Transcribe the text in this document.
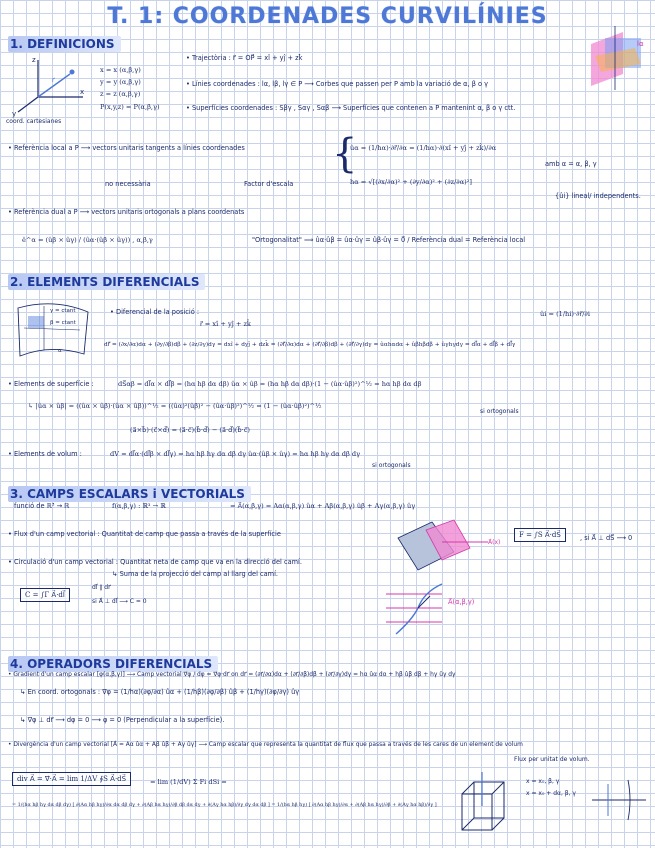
T. 1: COORDENADES CURVILÍNIES
1. DEFINICIONS
x
z
y
r⃗
coord. cartesianes
x = x (α,β,γ)
y = y (α,β,γ)
z = z (α,β,γ)
P(x,y,z) = P(α,β,γ)
• Trajectòria : r⃗ = OP⃗ = xî + yĵ + zk̂
• Línies coordenades : lα, lβ, lγ ∈ P ⟶ Corbes que passen per P amb la variació de α, β o γ
• Superfícies coordenades : Sβγ , Sαγ , Sαβ ⟶ Superfícies que contenen a P mantenint α, β o γ ctt.
lα
• Referència local a P ⟶ vectors unitaris tangents a línies coordenades {
ûα = (1/hα)·∂r⃗/∂α = (1/hα)·∂(xî + yĵ + zk̂)/∂α
amb α = α, β, γ
no necessària	Factor d'escala	hα = √[(∂x/∂α)² + (∂y/∂α)² + (∂z/∂α)²]
{ûi} lineal/ independents.
• Referència dual a P ⟶ vectors unitaris ortogonals a plans coordenats
ê^α = (ûβ × ûγ) / (ûα·(ûβ × ûγ)) , α,β,γ	"Ortogonalitat" ⟹ ûα·ûβ = ûα·ûγ = ûβ·ûγ = 0⃗ / Referència dual = Referència local
2. ELEMENTS DIFERENCIALS
γ = ctant
β = ctant
α
• Diferencial de la posició :
r⃗ = xî + yĵ + zk̂
ûi = (1/hi)·∂r⃗/∂i
dr⃗ = (∂x/∂α)dα + (∂y/∂β)dβ + (∂z/∂γ)dγ = dxî + dyĵ + dzk̂ = (∂r⃗/∂α)dα + (∂r⃗/∂β)dβ + (∂r⃗/∂γ)dγ = ûαhαdα + ûβhβdβ + ûγhγdγ = dl⃗α + dl⃗β + dl⃗γ
• Elements de superfície :	dS⃗αβ = dl⃗α × dl⃗β = (hα hβ dα dβ) ûα × ûβ = (hα hβ dα dβ)·(1 − (ûα·ûβ)²)^½ = hα hβ dα dβ
↳ |ûα × ûβ| = ((ûα × ûβ)·(ûα × ûβ))^½ = ((ûα)²(ûβ)² − (ûα·ûβ)²)^½ = (1 − (ûα·ûβ)²)^½
si ortogonals
(a⃗×b⃗)·(c⃗×d⃗) = (a⃗·c⃗)(b⃗·d⃗) − (a⃗·d⃗)(b⃗·c⃗)
• Elements de volum :	dV = dl⃗α·(dl⃗β × dl⃗γ) = hα hβ hγ dα dβ dγ ûα·(ûβ × ûγ) = hα hβ hγ dα dβ dγ
si ortogonals
3. CAMPS ESCALARS i VECTORIALS
funció de ℝ³ → ℝ	f(α,β,γ) : ℝ³ → ℝ	= A⃗(α,β,γ) = Aα(α,β,γ) ûα + Aβ(α,β,γ) ûβ + Aγ(α,β,γ) ûγ
• Flux d'un camp vectorial : Quantitat de camp que passa a través de la superfície
A⃗(x)
F = ∫S A⃗·dS⃗	, si A⃗ ⊥ dS⃗ ⟶ 0
• Circulació d'un camp vectorial : Quantitat neta de camp que va en la direcció del camí.
↳ Suma de la projecció del camp al llarg del camí.
C = ∫Γ A⃗·dl⃗
dl⃗ ∥ dr⃗
si A⃗ ⊥ dl⃗ ⟶ C = 0	A⃗(α,β,γ)
4. OPERADORS DIFERENCIALS
• Gradient d'un camp escalar [φ(α,β,γ)] ⟶ Camp vectorial ∇⃗φ / dφ = ∇⃗φ·dr⃗ on dr⃗ = (∂r⃗/∂α)dα + (∂r⃗/∂β)dβ + (∂r⃗/∂γ)dγ = hα ûα dα + hβ ûβ dβ + hγ ûγ dγ
↳ En coord. ortogonals : ∇⃗φ = (1/hα)(∂φ/∂α) ûα + (1/hβ)(∂φ/∂β) ûβ + (1/hγ)(∂φ/∂γ) ûγ
↳ ∇⃗φ ⊥ dr⃗ ⟶ dφ = 0 ⟶ φ = 0 (Perpendicular a la superfície).
• Divergència d'un camp vectorial [A⃗ = Aα ûα + Aβ ûβ + Aγ ûγ] ⟶ Camp escalar que representa la quantitat de flux que passa a través de les cares de un element de volum
Flux per unitat de volum.
div A⃗ = ∇⃗·A⃗ = lim 1/ΔV ∮S A⃗·dS⃗	= lim (1/dV) Σ Fi dSi =
= 1/(hα hβ hγ dα dβ dγ) [ ∂(Aα hβ hγ)/∂α dα dβ dγ + ∂(Aβ hα hγ)/∂β dβ dα dγ + ∂(Aγ hα hβ)/∂γ dγ dα dβ ] = 1/(hα hβ hγ) [ ∂(Aα hβ hγ)/∂α + ∂(Aβ hα hγ)/∂β + ∂(Aγ hα hβ)/∂γ ]
x = x₀, β, γ
x = x₀ + dα, β, γ
